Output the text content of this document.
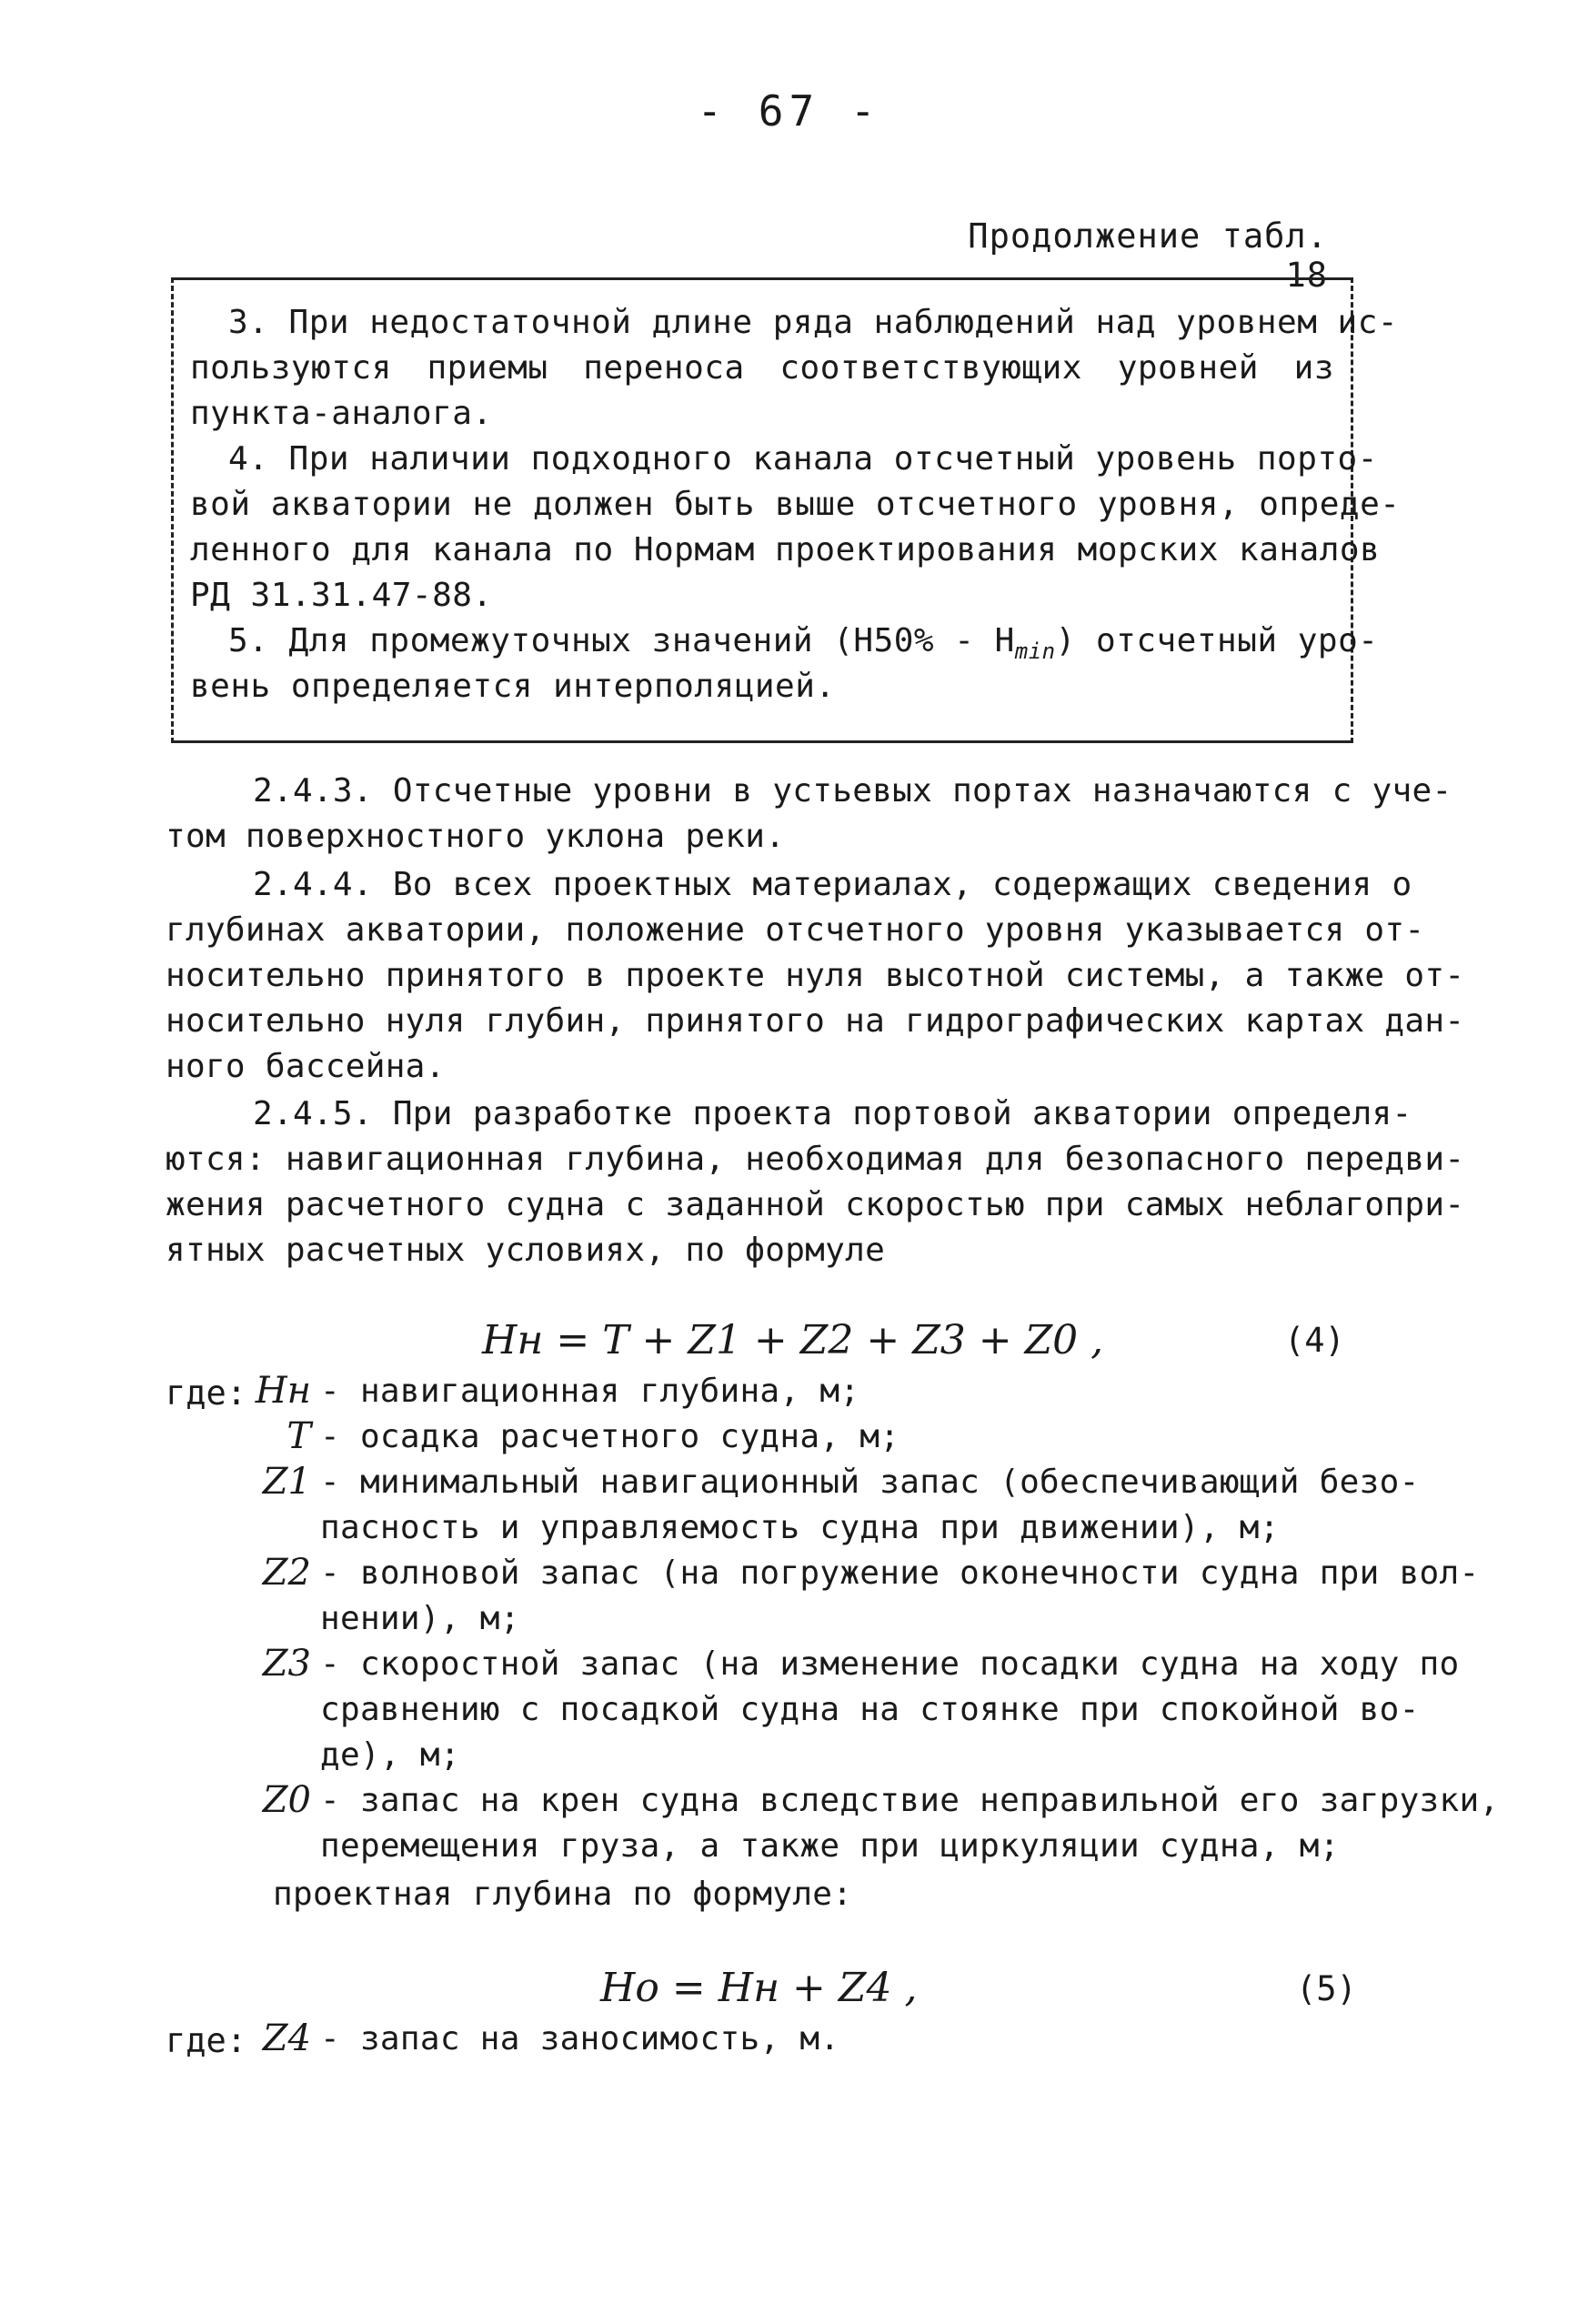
- 67 -
Продолжение табл. 18
3. При недостаточной длине ряда наблюдений над уровнем ис-
пользуются приемы переноса соответствующих уровней из
пункта-аналога.
4. При наличии подходного канала отсчетный уровень порто-
вой акватории не должен быть выше отсчетного уровня, опреде-
ленного для канала по Нормам проектирования морских каналов
РД 31.31.47-88.
5. Для промежуточных значений $(Н50\% - H_{min})$ отсчетный уро-
вень определяется интерполяцией.
2.4.3. Отсчетные уровни в устьевых портах назначаются с уче-
том поверхностного уклона реки.
2.4.4. Во всех проектных материалах, содержащих сведения о
глубинах акватории, положение отсчетного уровня указывается от-
носительно принятого в проекте нуля высотной системы, а также от-
носительно нуля глубин, принятого на гидрографических картах дан-
ного бассейна.
2.4.5. При разработке проекта портовой акватории определя-
ются: навигационная глубина, необходимая для безопасного передви-
жения расчетного судна с заданной скоростью при самых неблагопри-
ятных расчетных условиях, по формуле
Hн = T + Z1 + Z2 + Z3 + Z0 ,	(4)
где: Hн - навигационная глубина, м;
T - осадка расчетного судна, м;
Z1 - минимальный навигационный запас (обеспечивающий безо-
пасность и управляемость судна при движении), м;
Z2 - волновой запас (на погружение оконечности судна при вол-
нении), м;
Z3 - скоростной запас (на изменение посадки судна на ходу по
сравнению с посадкой судна на стоянке при спокойной во-
де), м;
Z0 - запас на крен судна вследствие неправильной его загрузки,
перемещения груза, а также при циркуляции судна, м;
проектная глубина по формуле:
Hо = Hн + Z4 ,	(5)
где: Z4 - запас на заносимость, м.
